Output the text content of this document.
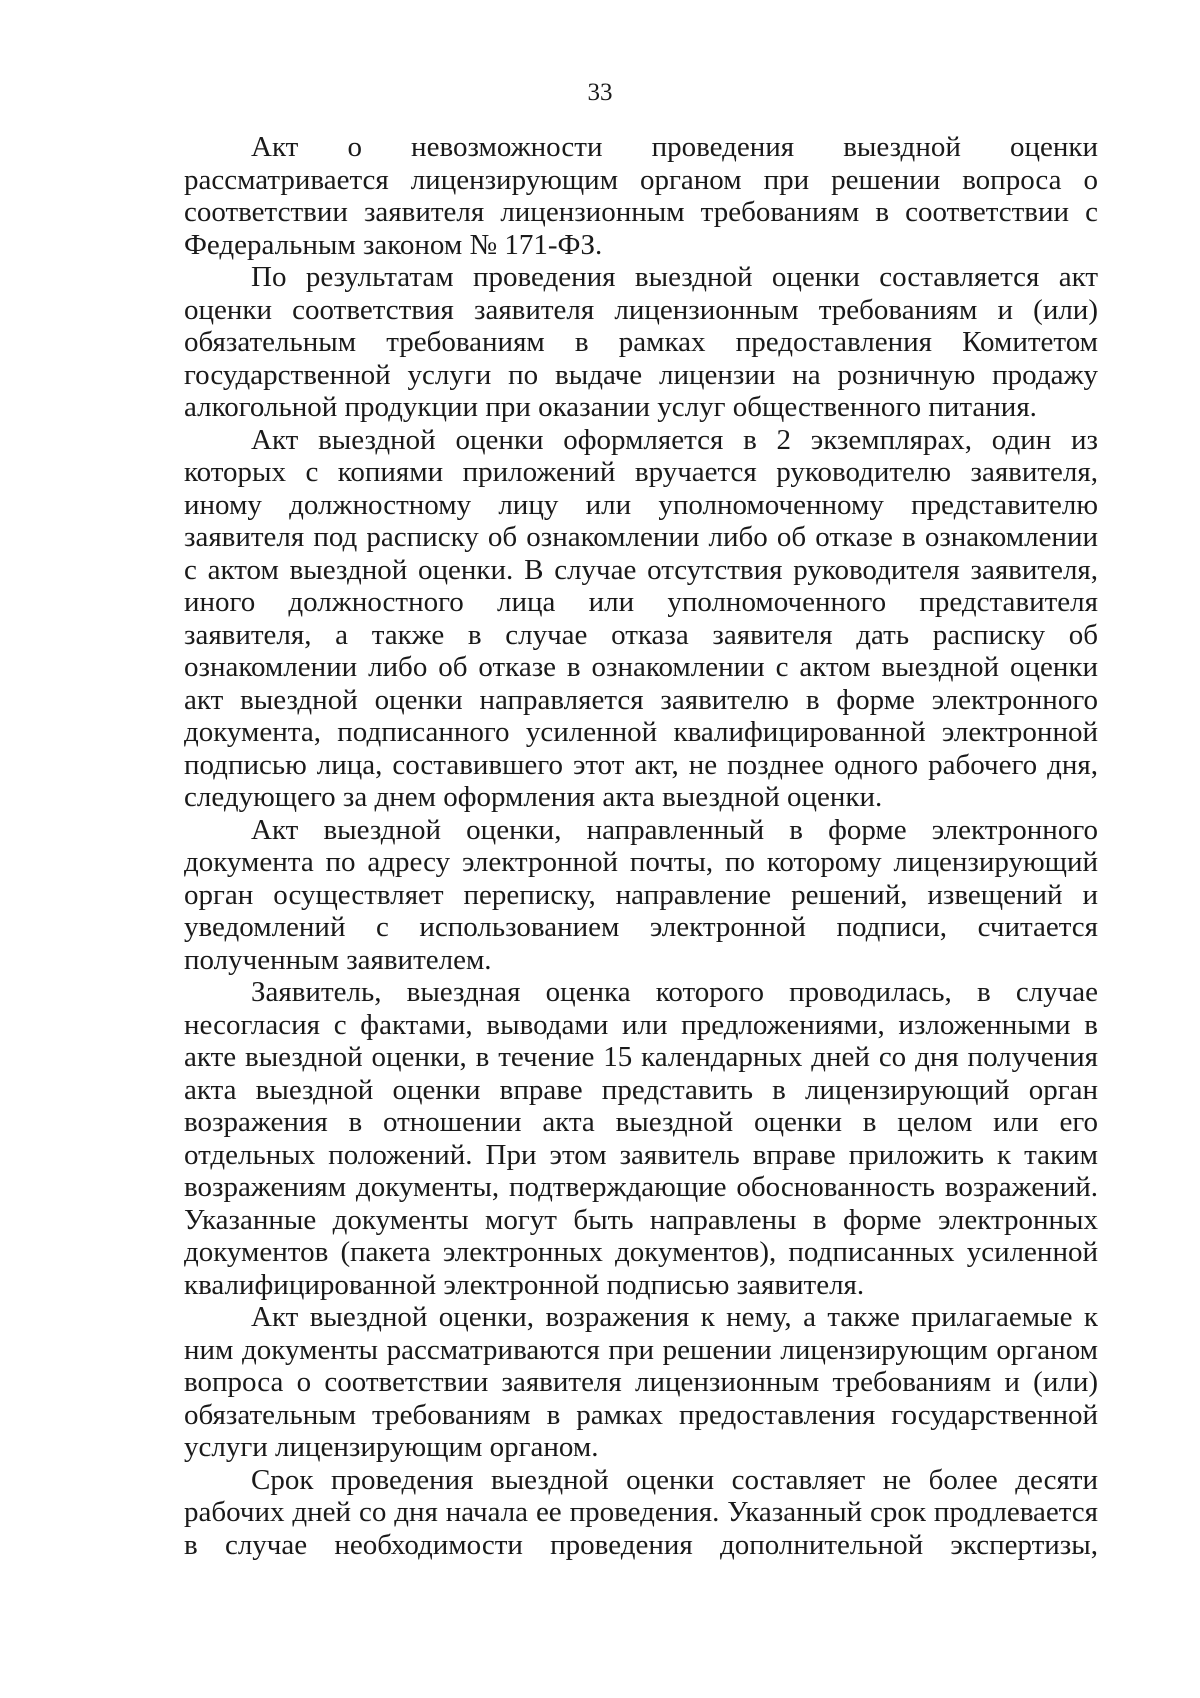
33

Акт о невозможности проведения выездной оценки рассматривается лицензирующим органом при решении вопроса о соответствии заявителя лицензионным требованиям в соответствии с Федеральным законом № 171-ФЗ.

По результатам проведения выездной оценки составляется акт оценки соответствия заявителя лицензионным требованиям и (или) обязательным требованиям в рамках предоставления Комитетом государственной услуги по выдаче лицензии на розничную продажу алкогольной продукции при оказании услуг общественного питания.

Акт выездной оценки оформляется в 2 экземплярах, один из которых с копиями приложений вручается руководителю заявителя, иному должностному лицу или уполномоченному представителю заявителя под расписку об ознакомлении либо об отказе в ознакомлении с актом выездной оценки. В случае отсутствия руководителя заявителя, иного должностного лица или уполномоченного представителя заявителя, а также в случае отказа заявителя дать расписку об ознакомлении либо об отказе в ознакомлении с актом выездной оценки акт выездной оценки направляется заявителю в форме электронного документа, подписанного усиленной квалифицированной электронной подписью лица, составившего этот акт, не позднее одного рабочего дня, следующего за днем оформления акта выездной оценки.

Акт выездной оценки, направленный в форме электронного документа по адресу электронной почты, по которому лицензирующий орган осуществляет переписку, направление решений, извещений и уведомлений с использованием электронной подписи, считается полученным заявителем.

Заявитель, выездная оценка которого проводилась, в случае несогласия с фактами, выводами или предложениями, изложенными в акте выездной оценки, в течение 15 календарных дней со дня получения акта выездной оценки вправе представить в лицензирующий орган возражения в отношении акта выездной оценки в целом или его отдельных положений. При этом заявитель вправе приложить к таким возражениям документы, подтверждающие обоснованность возражений. Указанные документы могут быть направлены в форме электронных документов (пакета электронных документов), подписанных усиленной квалифицированной электронной подписью заявителя.

Акт выездной оценки, возражения к нему, а также прилагаемые к ним документы рассматриваются при решении лицензирующим органом вопроса о соответствии заявителя лицензионным требованиям и (или) обязательным требованиям в рамках предоставления государственной услуги лицензирующим органом.

Срок проведения выездной оценки составляет не более десяти рабочих дней со дня начала ее проведения. Указанный срок продлевается в случае необходимости проведения дополнительной экспертизы,
